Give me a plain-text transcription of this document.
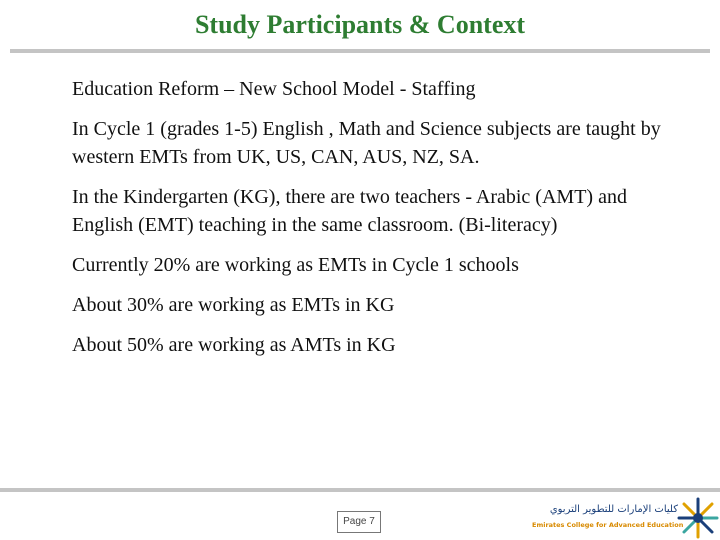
Study Participants & Context
Education Reform – New School Model - Staffing
In Cycle 1 (grades 1-5) English , Math and Science subjects are taught by western EMTs from UK, US, CAN, AUS, NZ, SA.
In the Kindergarten (KG), there are two teachers - Arabic (AMT) and English (EMT) teaching in the same classroom. (Bi-literacy)
Currently 20% are working as EMTs in Cycle 1 schools
About 30% are working as EMTs in KG
About 50% are working as AMTs in KG
Page 7
كليات الإمارات للتطوير التربوي
Emirates College for Advanced Education
